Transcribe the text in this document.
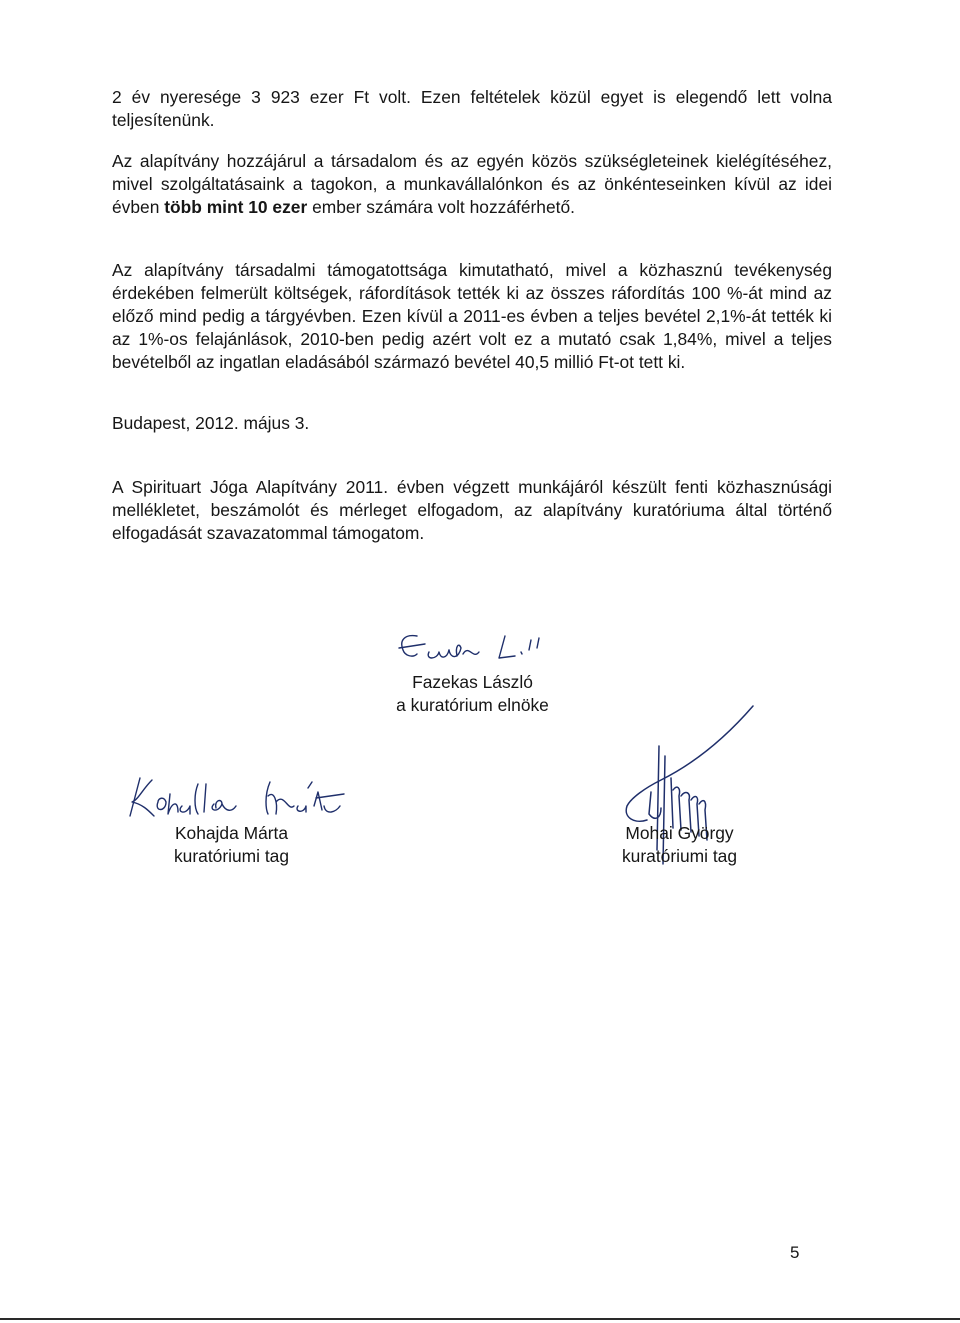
2 év nyeresége 3 923 ezer Ft volt. Ezen feltételek közül egyet is elegendő lett volna teljesítenünk.

Az alapítvány hozzájárul a társadalom és az egyén közös szükségleteinek kielégítéséhez, mivel szolgáltatásaink a tagokon, a munkavállalónkon és az önkénteseinken kívül az idei évben több mint 10 ezer ember számára volt hozzáférhető.

Az alapítvány társadalmi támogatottsága kimutatható, mivel a közhasznú tevékenység érdekében felmerült költségek, ráfordítások tették ki az összes ráfordítás 100 %-át mind az előző mind pedig a tárgyévben. Ezen kívül a 2011-es évben a teljes bevétel 2,1%-át tették ki az 1%-os felajánlások, 2010-ben pedig azért volt ez a mutató csak 1,84%, mivel a teljes bevételből az ingatlan eladásából származó bevétel 40,5 millió Ft-ot tett ki.

Budapest, 2012. május 3.

A Spirituart Jóga Alapítvány 2011. évben végzett munkájáról készült fenti közhasznúsági mellékletet, beszámolót és mérleget elfogadom, az alapítvány kuratóriuma által történő elfogadását szavazatommal támogatom.

Fazekas László
a kuratórium elnöke

Kohajda Márta
kuratóriumi tag

Mohai György
kuratóriumi tag

5
